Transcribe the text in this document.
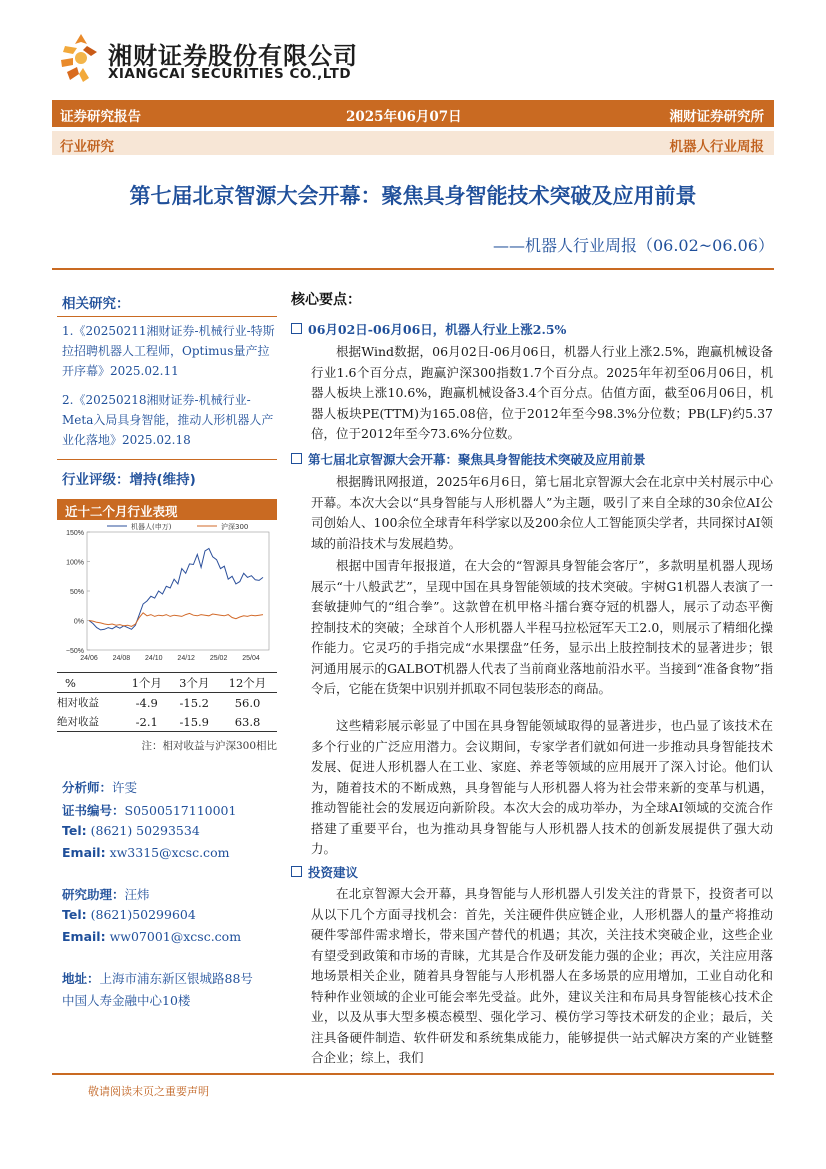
湘财证券股份有限公司
XIANGCAI SECURITIES CO.,LTD
证券研究报告	2025年06月07日	湘财证券研究所
行业研究	机器人行业周报
第七届北京智源大会开幕：聚焦具身智能技术突破及应用前景
——机器人行业周报（06.02~06.06）
相关研究：
1.《20250211湘财证券-机械行业-特斯拉招聘机器人工程师，Optimus量产拉开序幕》2025.02.11
2.《20250218湘财证券-机械行业-Meta入局具身智能，推动人形机器人产业化落地》2025.02.18
行业评级：增持(维持)
近十二个月行业表现
150%
100%
50%
0%
−50%
24/06 24/08 24/10 24/12 25/02 25/04
机器人(申万)	沪深300
%	1个月	3个月	12个月
相对收益	-4.9	-15.2	56.0
绝对收益	-2.1	-15.9	63.8
注：相对收益与沪深300相比
分析师：许雯
证书编号：S0500517110001
Tel: (8621) 50293534
Email: xw3315@xcsc.com
研究助理：汪炜
Tel: (8621)50299604
Email: ww07001@xcsc.com
地址：上海市浦东新区银城路88号
中国人寿金融中心10楼
核心要点：
06月02日-06月06日，机器人行业上涨2.5%
根据Wind数据，06月02日-06月06日，机器人行业上涨2.5%，跑赢机械设备行业1.6个百分点，跑赢沪深300指数1.7个百分点。2025年年初至06月06日，机器人板块上涨10.6%，跑赢机械设备3.4个百分点。估值方面，截至06月06日，机器人板块PE(TTM)为165.08倍，位于2012年至今98.3%分位数；PB(LF)约5.37倍，位于2012年至今73.6%分位数。
第七届北京智源大会开幕：聚焦具身智能技术突破及应用前景
根据腾讯网报道，2025年6月6日，第七届北京智源大会在北京中关村展示中心开幕。本次大会以“具身智能与人形机器人”为主题，吸引了来自全球的30余位AI公司创始人、100余位全球青年科学家以及200余位人工智能顶尖学者，共同探讨AI领域的前沿技术与发展趋势。
根据中国青年报报道，在大会的“智源具身智能会客厅”，多款明星机器人现场展示“十八般武艺”，呈现中国在具身智能领域的技术突破。宇树G1机器人表演了一套敏捷帅气的“组合拳”。这款曾在机甲格斗擂台赛夺冠的机器人，展示了动态平衡控制技术的突破；全球首个人形机器人半程马拉松冠军天工2.0，则展示了精细化操作能力。它灵巧的手指完成“水果摆盘”任务，显示出上肢控制技术的显著进步；银河通用展示的GALBOT机器人代表了当前商业落地前沿水平。当接到“准备食物”指令后，它能在货架中识别并抓取不同包装形态的商品。
这些精彩展示彰显了中国在具身智能领域取得的显著进步，也凸显了该技术在多个行业的广泛应用潜力。会议期间，专家学者们就如何进一步推动具身智能技术发展、促进人形机器人在工业、家庭、养老等领域的应用展开了深入讨论。他们认为，随着技术的不断成熟，具身智能与人形机器人将为社会带来新的变革与机遇，推动智能社会的发展迈向新阶段。本次大会的成功举办，为全球AI领域的交流合作搭建了重要平台，也为推动具身智能与人形机器人技术的创新发展提供了强大动力。
投资建议
在北京智源大会开幕，具身智能与人形机器人引发关注的背景下，投资者可以从以下几个方面寻找机会：首先，关注硬件供应链企业，人形机器人的量产将推动硬件零部件需求增长，带来国产替代的机遇；其次，关注技术突破企业，这些企业有望受到政策和市场的青睐，尤其是合作及研发能力强的企业；再次，关注应用落地场景相关企业，随着具身智能与人形机器人在多场景的应用增加，工业自动化和特种作业领域的企业可能会率先受益。此外，建议关注和布局具身智能核心技术企业，以及从事大型多模态模型、强化学习、模仿学习等技术研发的企业；最后，关注具备硬件制造、软件研发和系统集成能力，能够提供一站式解决方案的产业链整合企业；综上，我们
敬请阅读末页之重要声明
